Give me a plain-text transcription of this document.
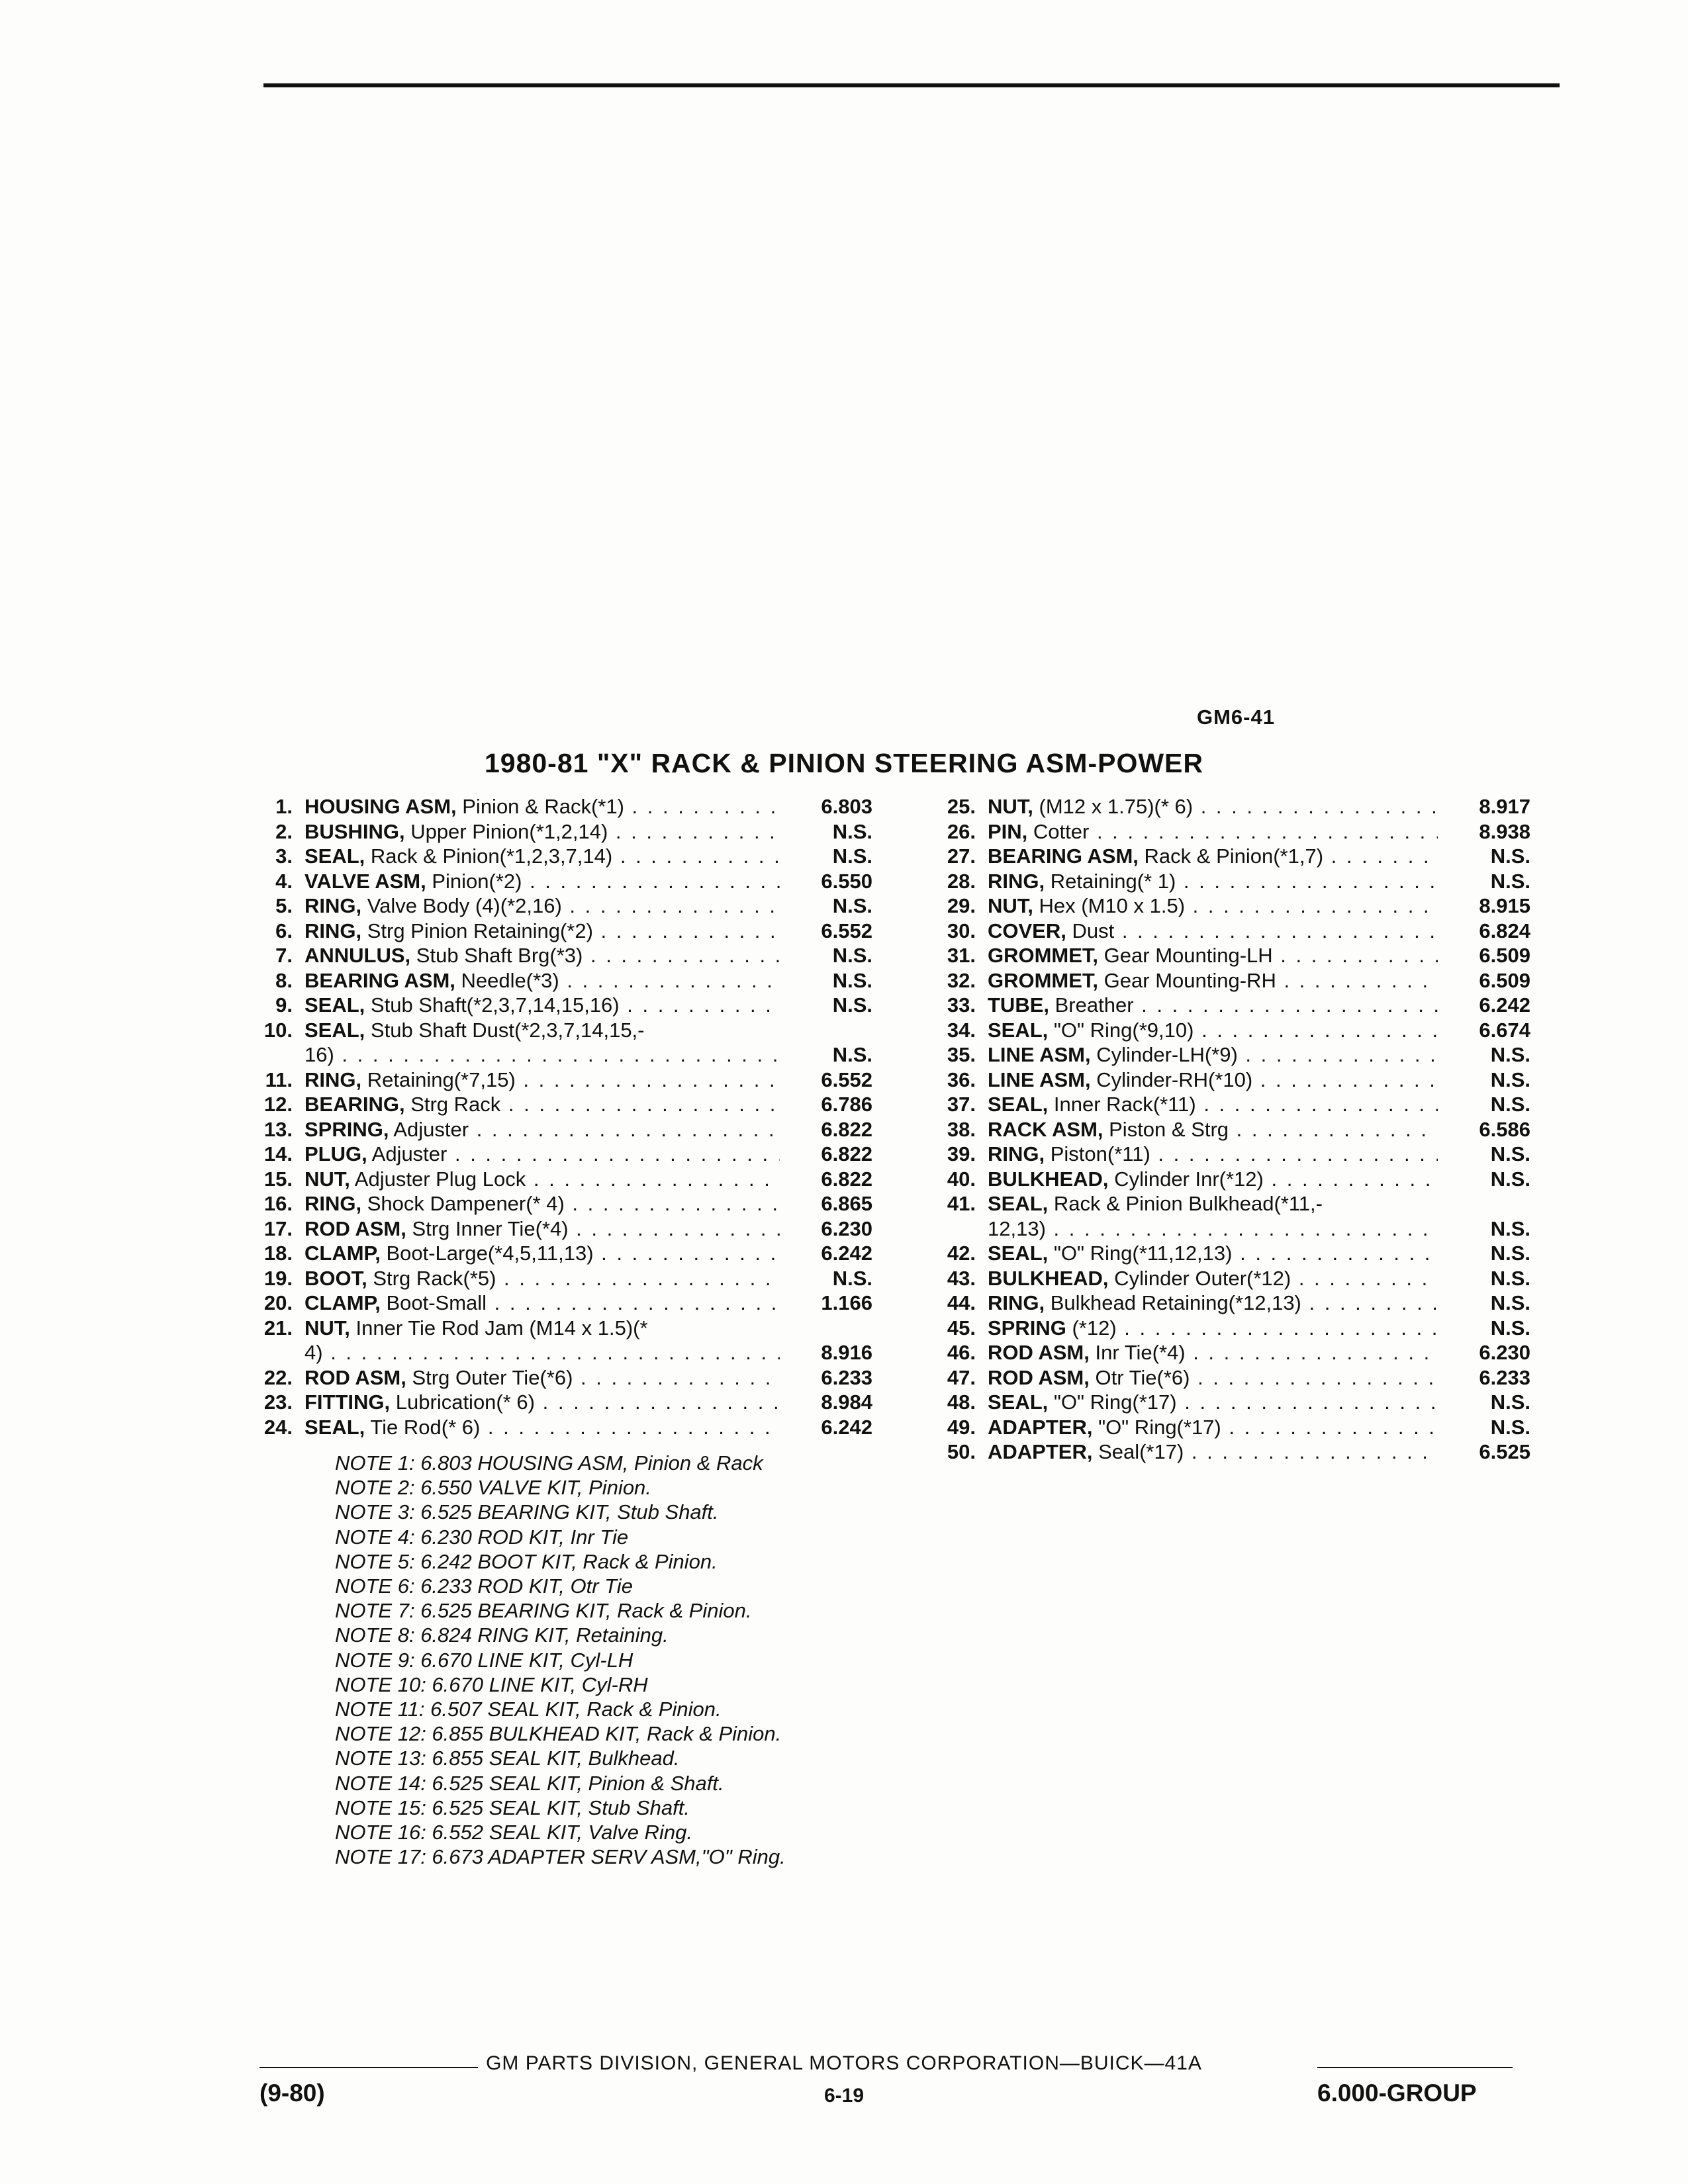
GM6-41
1980-81 "X" RACK & PINION STEERING ASM-POWER
1. HOUSING ASM, Pinion & Rack(*1) . . .	6.803
2. BUSHING, Upper Pinion(*1,2,14) . . .	N.S.
3. SEAL, Rack & Pinion(*1,2,3,7,14) . . .	N.S.
4. VALVE ASM, Pinion(*2) . . .	6.550
5. RING, Valve Body (4)(*2,16) . . .	N.S.
6. RING, Strg Pinion Retaining(*2) . . .	6.552
7. ANNULUS, Stub Shaft Brg(*3) . . .	N.S.
8. BEARING ASM, Needle(*3) . . .	N.S.
9. SEAL, Stub Shaft(*2,3,7,14,15,16) . . .	N.S.
10. SEAL, Stub Shaft Dust(*2,3,7,14,15,-
16) . . .	N.S.
11. RING, Retaining(*7,15) . . .	6.552
12. BEARING, Strg Rack . . .	6.786
13. SPRING, Adjuster . . .	6.822
14. PLUG, Adjuster . . .	6.822
15. NUT, Adjuster Plug Lock . . .	6.822
16. RING, Shock Dampener(* 4) . . .	6.865
17. ROD ASM, Strg Inner Tie(*4) . . .	6.230
18. CLAMP, Boot-Large(*4,5,11,13) . . .	6.242
19. BOOT, Strg Rack(*5) . . .	N.S.
20. CLAMP, Boot-Small . . .	1.166
21. NUT, Inner Tie Rod Jam (M14 x 1.5)(*
4) . . .	8.916
22. ROD ASM, Strg Outer Tie(*6) . . .	6.233
23. FITTING, Lubrication(* 6) . . .	8.984
24. SEAL, Tie Rod(* 6) . . .	6.242
25. NUT, (M12 x 1.75)(* 6) . . .	8.917
26. PIN, Cotter . . .	8.938
27. BEARING ASM, Rack & Pinion(*1,7) . . .	N.S.
28. RING, Retaining(* 1) . . .	N.S.
29. NUT, Hex (M10 x 1.5) . . .	8.915
30. COVER, Dust . . .	6.824
31. GROMMET, Gear Mounting-LH . . .	6.509
32. GROMMET, Gear Mounting-RH . . .	6.509
33. TUBE, Breather . . .	6.242
34. SEAL, "O" Ring(*9,10) . . .	6.674
35. LINE ASM, Cylinder-LH(*9) . . .	N.S.
36. LINE ASM, Cylinder-RH(*10) . . .	N.S.
37. SEAL, Inner Rack(*11) . . .	N.S.
38. RACK ASM, Piston & Strg . . .	6.586
39. RING, Piston(*11) . . .	N.S.
40. BULKHEAD, Cylinder Inr(*12) . . .	N.S.
41. SEAL, Rack & Pinion Bulkhead(*11,-
12,13) . . .	N.S.
42. SEAL, "O" Ring(*11,12,13) . . .	N.S.
43. BULKHEAD, Cylinder Outer(*12) . . .	N.S.
44. RING, Bulkhead Retaining(*12,13) . . .	N.S.
45. SPRING (*12) . . .	N.S.
46. ROD ASM, Inr Tie(*4) . . .	6.230
47. ROD ASM, Otr Tie(*6) . . .	6.233
48. SEAL, "O" Ring(*17) . . .	N.S.
49. ADAPTER, "O" Ring(*17) . . .	N.S.
50. ADAPTER, Seal(*17) . . .	6.525
NOTE 1: 6.803 HOUSING ASM, Pinion & Rack
NOTE 2: 6.550 VALVE KIT, Pinion.
NOTE 3: 6.525 BEARING KIT, Stub Shaft.
NOTE 4: 6.230 ROD KIT, Inr Tie
NOTE 5: 6.242 BOOT KIT, Rack & Pinion.
NOTE 6: 6.233 ROD KIT, Otr Tie
NOTE 7: 6.525 BEARING KIT, Rack & Pinion.
NOTE 8: 6.824 RING KIT, Retaining.
NOTE 9: 6.670 LINE KIT, Cyl-LH
NOTE 10: 6.670 LINE KIT, Cyl-RH
NOTE 11: 6.507 SEAL KIT, Rack & Pinion.
NOTE 12: 6.855 BULKHEAD KIT, Rack & Pinion.
NOTE 13: 6.855 SEAL KIT, Bulkhead.
NOTE 14: 6.525 SEAL KIT, Pinion & Shaft.
NOTE 15: 6.525 SEAL KIT, Stub Shaft.
NOTE 16: 6.552 SEAL KIT, Valve Ring.
NOTE 17: 6.673 ADAPTER SERV ASM,"O" Ring.
GM PARTS DIVISION, GENERAL MOTORS CORPORATION—BUICK—41A
(9-80)	6-19	6.000-GROUP
